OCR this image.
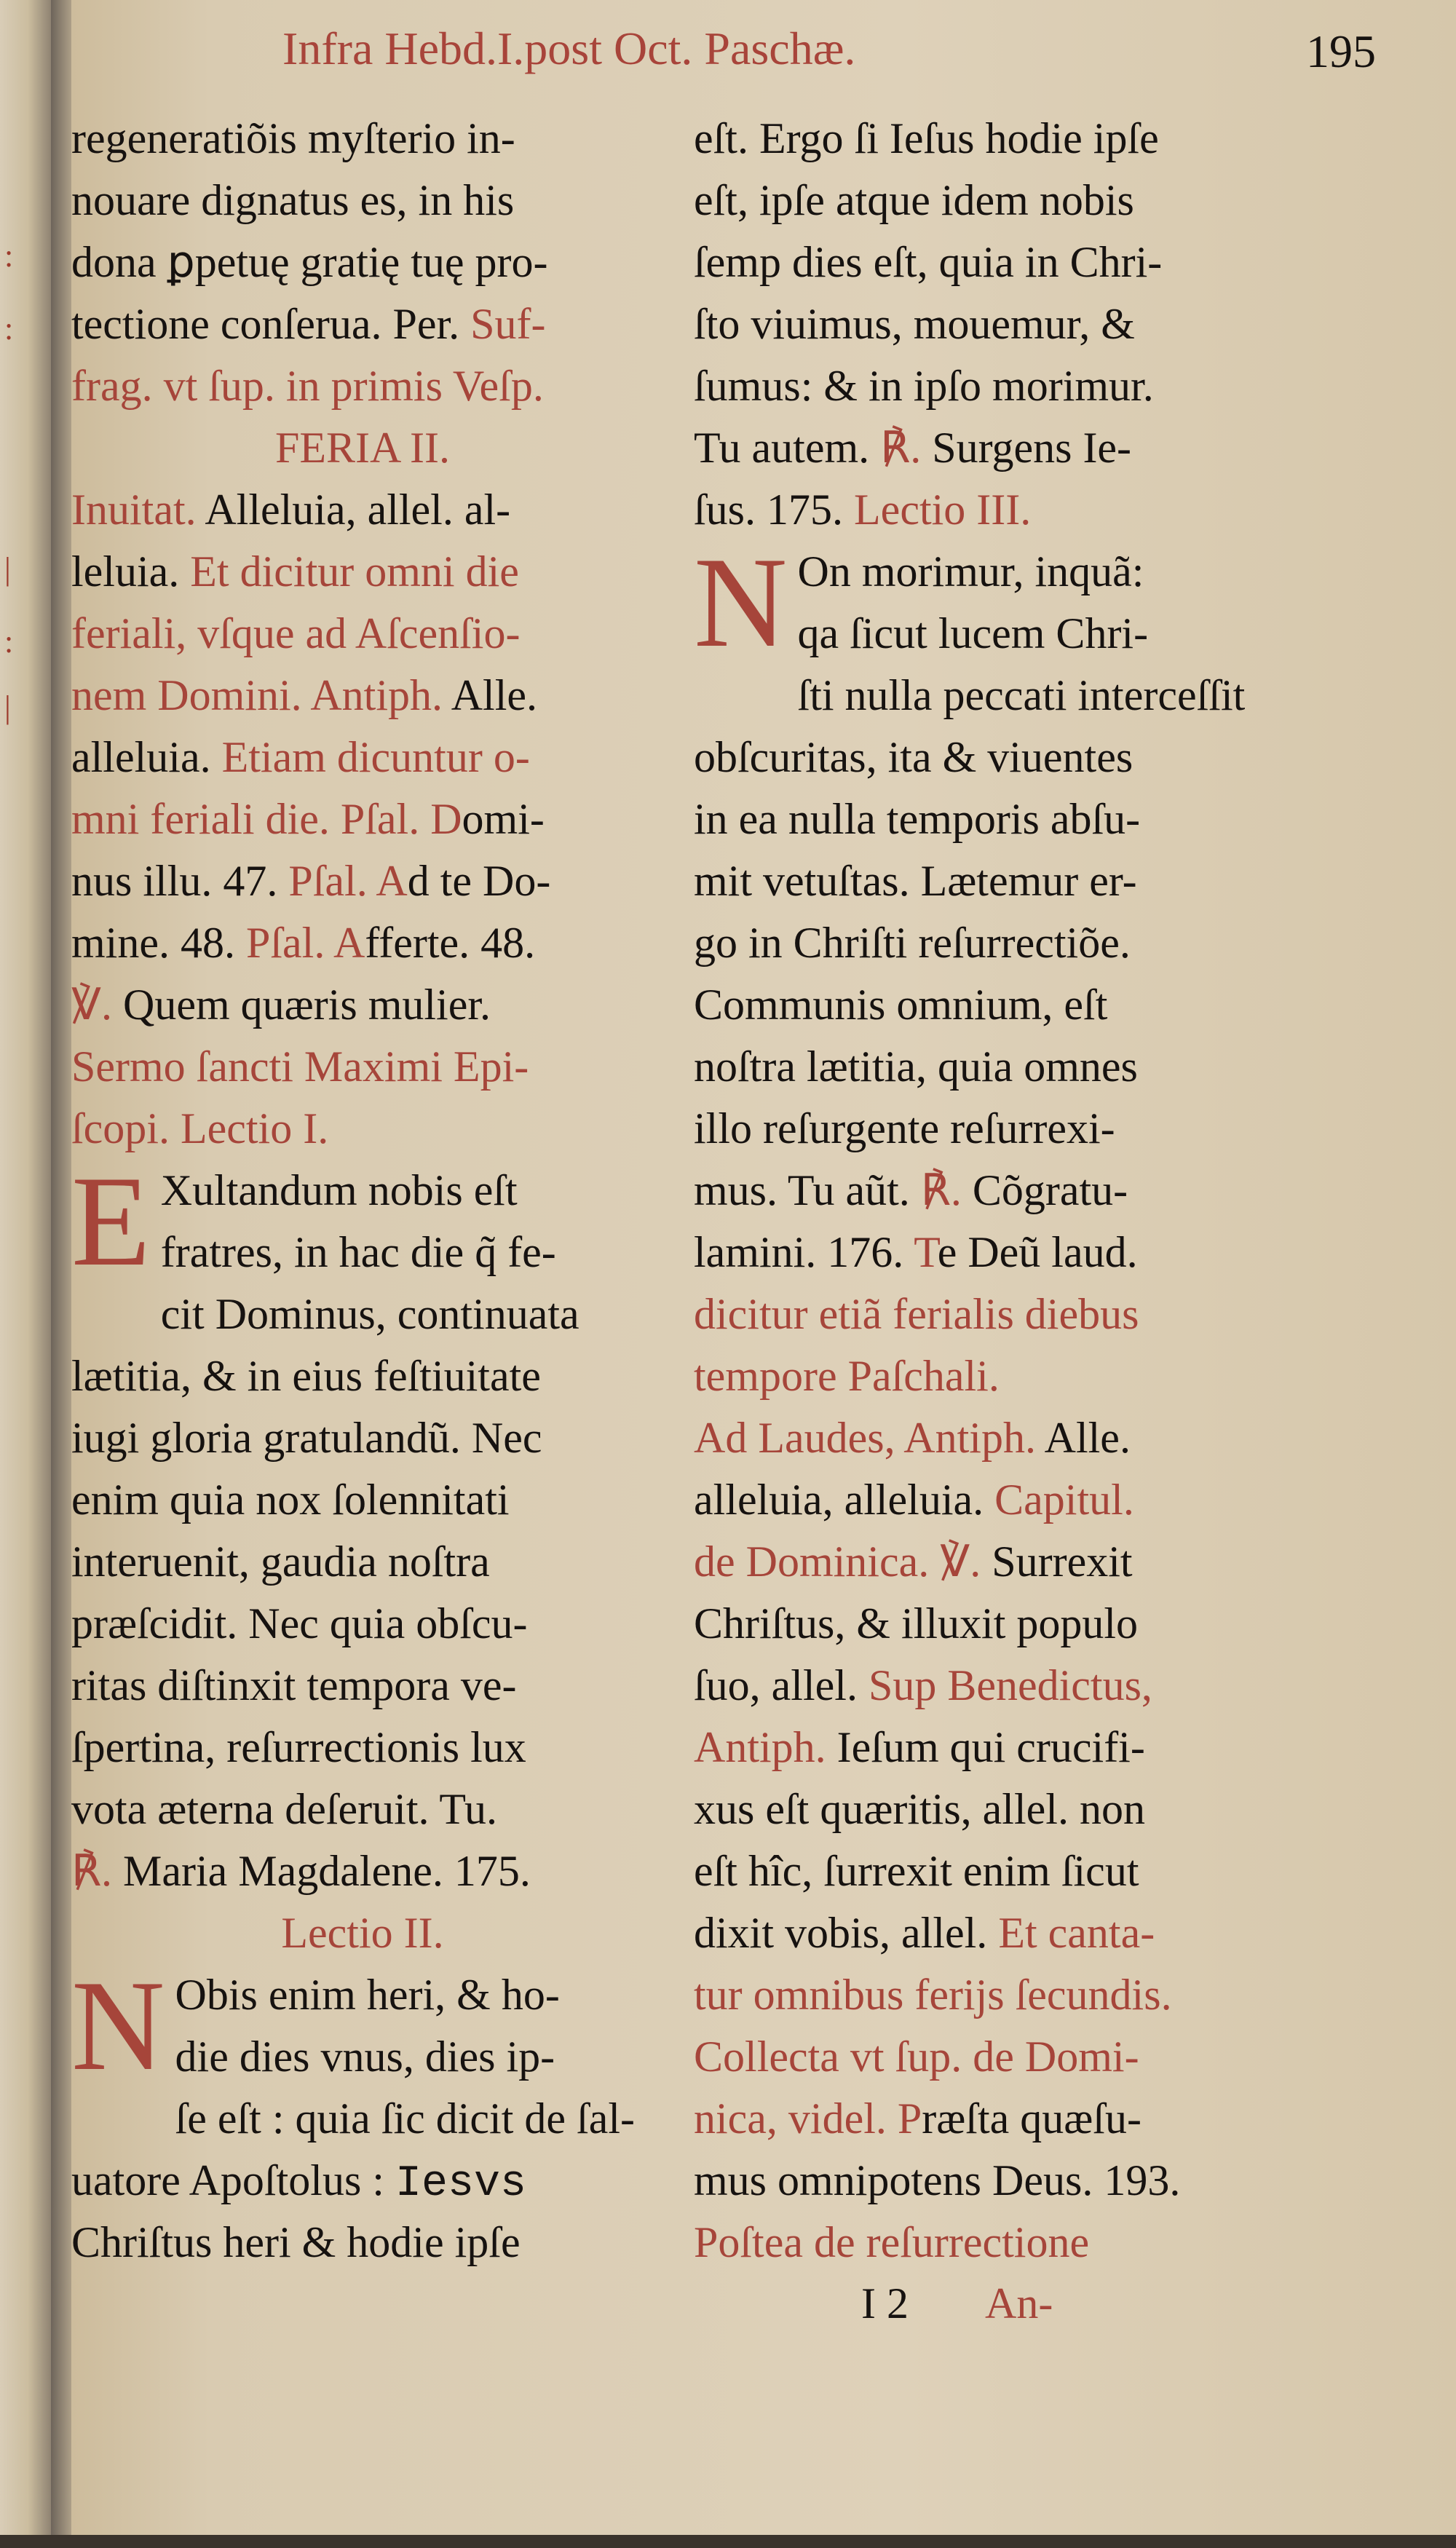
:
:
|
:
|
Infra Hebd.I.post Oct. Paschæ.	195
regeneratiõis myſterio in-
nouare dignatus es, in his
dona ꝑpetuę gratię tuę pro-
tectione conſerua. Per. Suf-
frag. vt ſup. in primis Veſp.
FERIA II.
Inuitat. Alleluia, allel. al-
leluia. Et dicitur omni die
feriali, vſque ad Aſcenſio-
nem Domini. Antiph. Alle.
alleluia. Etiam dicuntur o-
mni feriali die. Pſal. Domi-
nus illu. 47. Pſal. Ad te Do-
mine. 48. Pſal. Afferte. 48.
℣. Quem quæris mulier.
Sermo ſancti Maximi Epi-
ſcopi. Lectio I.
E Xultandum nobis eſt
fratres, in hac die q̃ fe-
cit Dominus, continuata
lætitia, & in eius feſtiuitate
iugi gloria gratulandũ. Nec
enim quia nox ſolennitati
interuenit, gaudia noſtra
præſcidit. Nec quia obſcu-
ritas diſtinxit tempora ve-
ſpertina, reſurrectionis lux
vota æterna deſeruit. Tu.
℟. Maria Magdalene. 175.
Lectio II.
N Obis enim heri, & ho-
die dies vnus, dies ip-
ſe eſt : quia ſic dicit de ſal-
uatore Apoſtolus : Iesvs
Chriſtus heri & hodie ipſe
eſt. Ergo ſi Ieſus hodie ipſe
eſt, ipſe atque idem nobis
ſemp dies eſt, quia in Chri-
ſto viuimus, mouemur, &
ſumus: & in ipſo morimur.
Tu autem. ℟. Surgens Ie-
ſus. 175. Lectio III.
N On morimur, inquã:
qa ſicut lucem Chri-
ſti nulla peccati interceſſit
obſcuritas, ita & viuentes
in ea nulla temporis abſu-
mit vetuſtas. Lætemur er-
go in Chriſti reſurrectiõe.
Communis omnium, eſt
noſtra lætitia, quia omnes
illo reſurgente reſurrexi-
mus. Tu aũt. ℟. Cõgratu-
lamini. 176. Te Deũ laud.
dicitur etiã ferialis diebus
tempore Paſchali.
Ad Laudes, Antiph. Alle.
alleluia, alleluia. Capitul.
de Dominica. ℣. Surrexit
Chriſtus, & illuxit populo
ſuo, allel. Sup Benedictus,
Antiph. Ieſum qui crucifi-
xus eſt quæritis, allel. non
eſt hîc, ſurrexit enim ſicut
dixit vobis, allel. Et canta-
tur omnibus ferijs ſecundis.
Collecta vt ſup. de Domi-
nica, videl. Præſta quæſu-
mus omnipotens Deus. 193.
Poſtea de reſurrectione
I 2 An-
